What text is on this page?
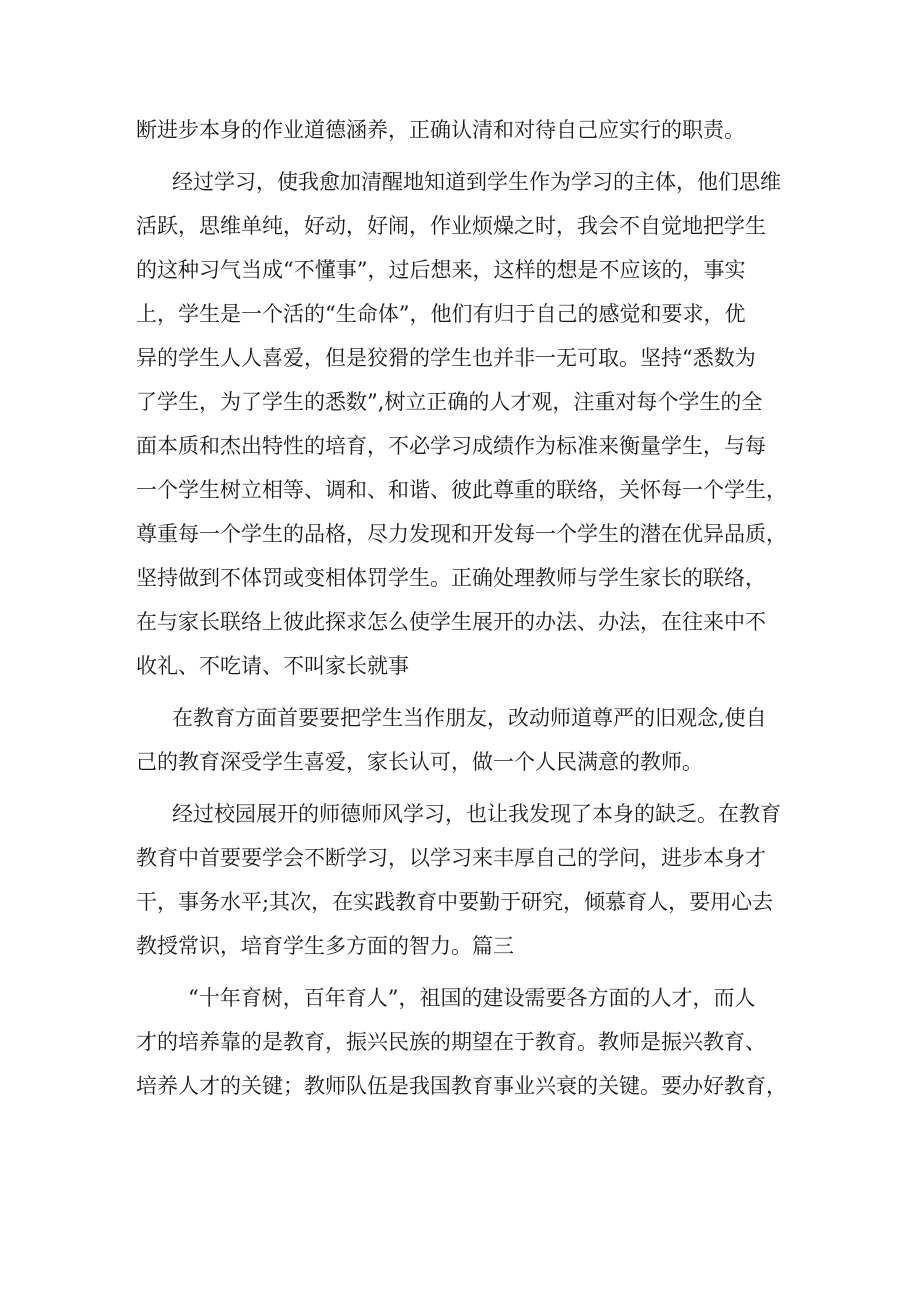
断进步本身的作业道德涵养，正确认清和对待自己应实行的职责。
经过学习，使我愈加清醒地知道到学生作为学习的主体，他们思维
活跃，思维单纯，好动，好闹，作业烦燥之时，我会不自觉地把学生
的这种习气当成“不懂事”，过后想来，这样的想是不应该的，事实
上，学生是一个活的“生命体”，他们有归于自己的感觉和要求，优
异的学生人人喜爱，但是狡猾的学生也并非一无可取。坚持“悉数为
了学生，为了学生的悉数”,树立正确的人才观，注重对每个学生的全
面本质和杰出特性的培育，不必学习成绩作为标准来衡量学生，与每
一个学生树立相等、调和、和谐、彼此尊重的联络，关怀每一个学生，
尊重每一个学生的品格，尽力发现和开发每一个学生的潜在优异品质，
坚持做到不体罚或变相体罚学生。正确处理教师与学生家长的联络，
在与家长联络上彼此探求怎么使学生展开的办法、办法，在往来中不
收礼、不吃请、不叫家长就事
在教育方面首要要把学生当作朋友，改动师道尊严的旧观念,使自
己的教育深受学生喜爱，家长认可，做一个人民满意的教师。
经过校园展开的师德师风学习，也让我发现了本身的缺乏。在教育
教育中首要要学会不断学习，以学习来丰厚自己的学问，进步本身才
干，事务水平;其次，在实践教育中要勤于研究，倾慕育人，要用心去
教授常识，培育学生多方面的智力。篇三
“十年育树，百年育人”，祖国的建设需要各方面的人才，而人
才的培养靠的是教育，振兴民族的期望在于教育。教师是振兴教育、
培养人才的关键；教师队伍是我国教育事业兴衰的关键。要办好教育，
